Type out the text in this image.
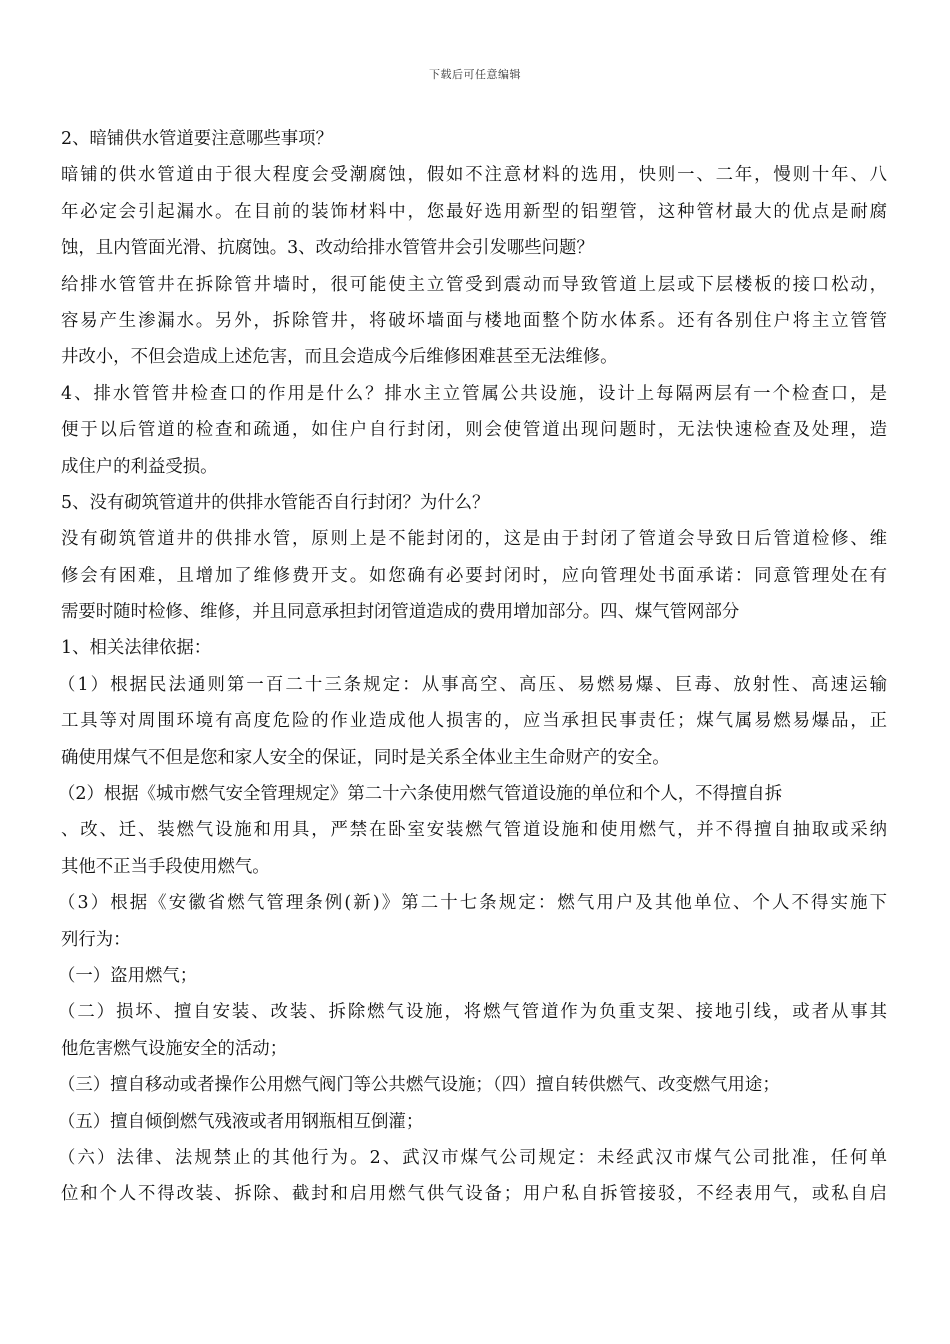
下载后可任意编辑
2、暗铺供水管道要注意哪些事项？
暗铺的供水管道由于很大程度会受潮腐蚀，假如不注意材料的选用，快则一、二年，慢则十年、八
年必定会引起漏水。在目前的装饰材料中，您最好选用新型的铝塑管，这种管材最大的优点是耐腐
蚀，且内管面光滑、抗腐蚀。3、改动给排水管管井会引发哪些问题？
给排水管管井在拆除管井墙时，很可能使主立管受到震动而导致管道上层或下层楼板的接口松动，
容易产生渗漏水。另外，拆除管井，将破坏墙面与楼地面整个防水体系。还有各别住户将主立管管
井改小，不但会造成上述危害，而且会造成今后维修困难甚至无法维修。
4、排水管管井检查口的作用是什么？排水主立管属公共设施，设计上每隔两层有一个检查口，是
便于以后管道的检查和疏通，如住户自行封闭，则会使管道出现问题时，无法快速检查及处理，造
成住户的利益受损。
5、没有砌筑管道井的供排水管能否自行封闭？为什么？
没有砌筑管道井的供排水管，原则上是不能封闭的，这是由于封闭了管道会导致日后管道检修、维
修会有困难，且增加了维修费开支。如您确有必要封闭时，应向管理处书面承诺：同意管理处在有
需要时随时检修、维修，并且同意承担封闭管道造成的费用增加部分。四、煤气管网部分
1、相关法律依据：
（1）根据民法通则第一百二十三条规定：从事高空、高压、易燃易爆、巨毒、放射性、高速运输
工具等对周围环境有高度危险的作业造成他人损害的，应当承担民事责任；煤气属易燃易爆品，正
确使用煤气不但是您和家人安全的保证，同时是关系全体业主生命财产的安全。
（2）根据《城市燃气安全管理规定》第二十六条使用燃气管道设施的单位和个人，不得擅自拆
、改、迁、装燃气设施和用具，严禁在卧室安装燃气管道设施和使用燃气，并不得擅自抽取或采纳
其他不正当手段使用燃气。
（3）根据《安徽省燃气管理条例(新)》第二十七条规定：燃气用户及其他单位、个人不得实施下
列行为：
（一）盗用燃气；
（二）损坏、擅自安装、改装、拆除燃气设施，将燃气管道作为负重支架、接地引线，或者从事其
他危害燃气设施安全的活动；
（三）擅自移动或者操作公用燃气阀门等公共燃气设施；（四）擅自转供燃气、改变燃气用途；
（五）擅自倾倒燃气残液或者用钢瓶相互倒灌；
（六）法律、法规禁止的其他行为。2、武汉市煤气公司规定：未经武汉市煤气公司批准，任何单
位和个人不得改装、拆除、截封和启用燃气供气设备；用户私自拆管接驳，不经表用气，或私自启
